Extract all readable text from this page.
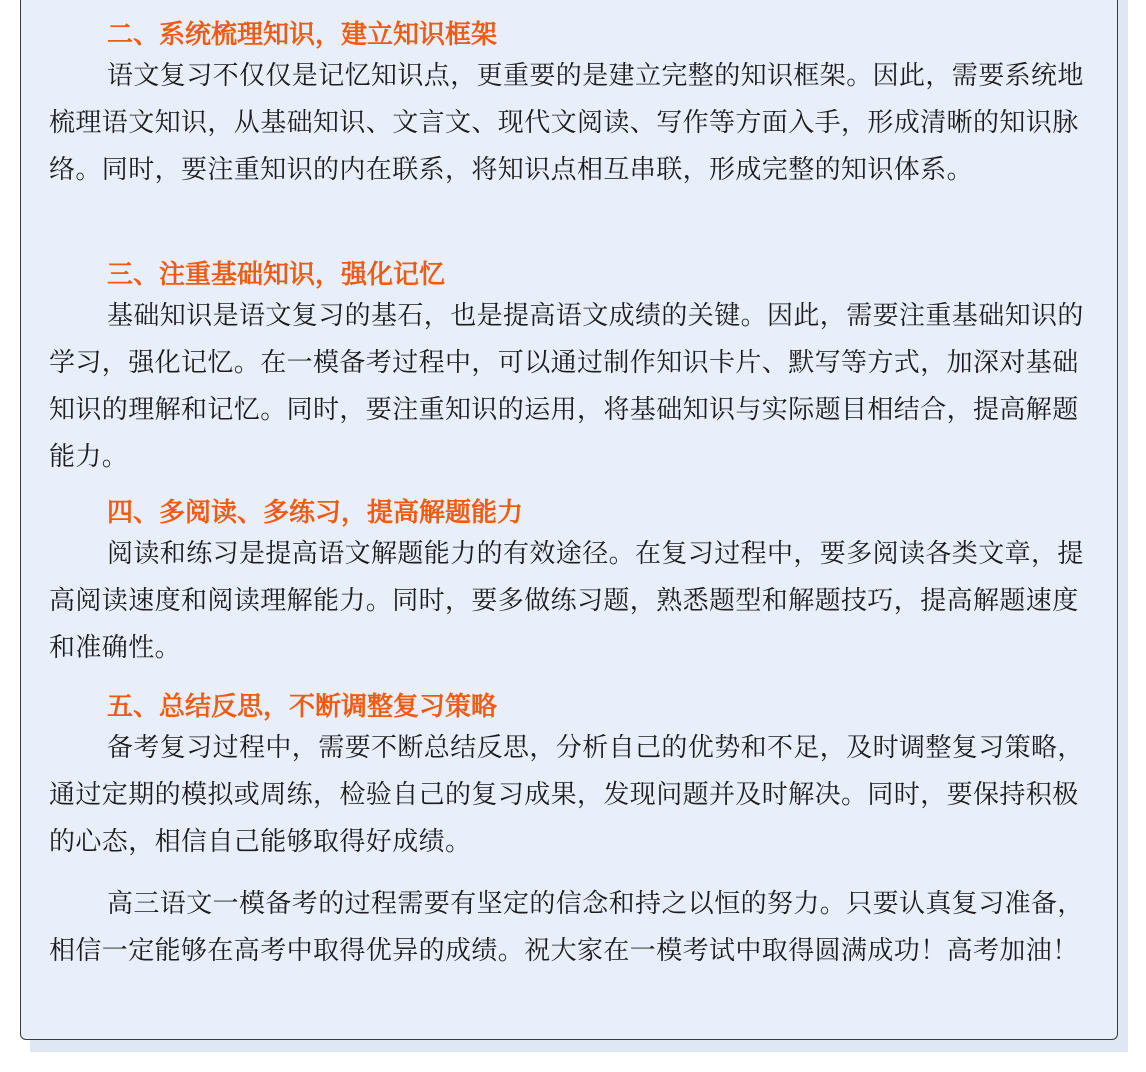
二、系统梳理知识，建立知识框架

语文复习不仅仅是记忆知识点，更重要的是建立完整的知识框架。因此，需要系统地梳理语文知识，从基础知识、文言文、现代文阅读、写作等方面入手，形成清晰的知识脉络。同时，要注重知识的内在联系，将知识点相互串联，形成完整的知识体系。

三、注重基础知识，强化记忆

基础知识是语文复习的基石，也是提高语文成绩的关键。因此，需要注重基础知识的学习，强化记忆。在一模备考过程中，可以通过制作知识卡片、默写等方式，加深对基础知识的理解和记忆。同时，要注重知识的运用，将基础知识与实际题目相结合，提高解题能力。

四、多阅读、多练习，提高解题能力

阅读和练习是提高语文解题能力的有效途径。在复习过程中，要多阅读各类文章，提高阅读速度和阅读理解能力。同时，要多做练习题，熟悉题型和解题技巧，提高解题速度和准确性。

五、总结反思，不断调整复习策略

备考复习过程中，需要不断总结反思，分析自己的优势和不足，及时调整复习策略，通过定期的模拟或周练，检验自己的复习成果，发现问题并及时解决。同时，要保持积极的心态，相信自己能够取得好成绩。

高三语文一模备考的过程需要有坚定的信念和持之以恒的努力。只要认真复习准备，相信一定能够在高考中取得优异的成绩。祝大家在一模考试中取得圆满成功！高考加油！
